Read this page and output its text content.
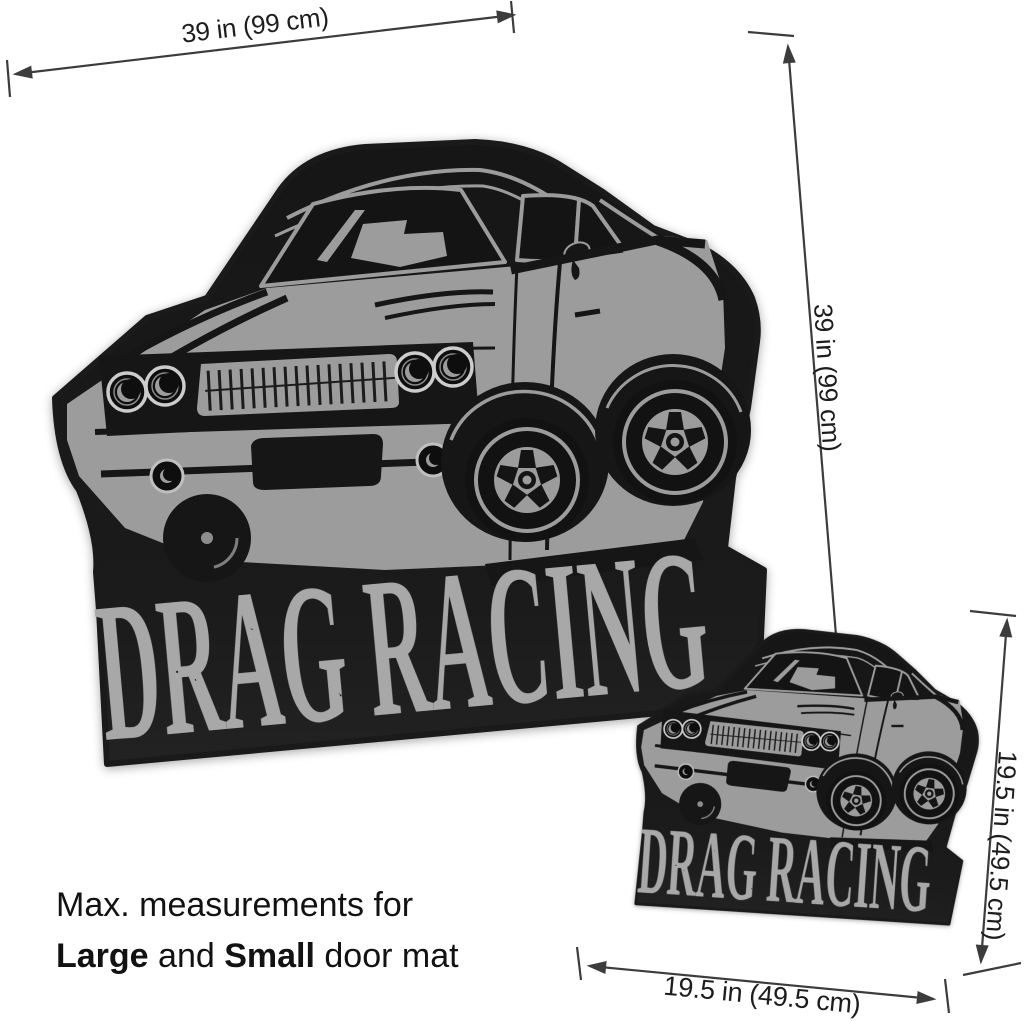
39 in (99 cm)
39 in (99 cm)
19.5 in (49.5 cm)
19.5 in (49.5 cm)
Max. measurements for
Large and Small door mat
